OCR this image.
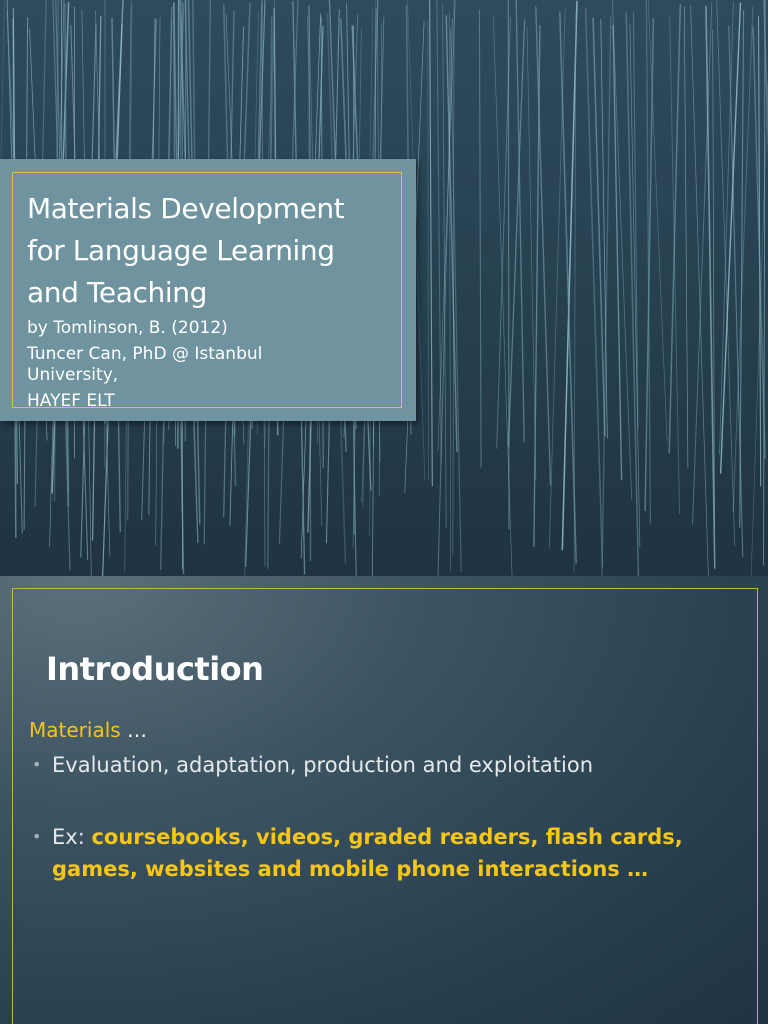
Materials Development
for Language Learning
and Teaching
by Tomlinson, B. (2012)
Tuncer Can, PhD @ Istanbul
University,
HAYEF ELT
Introduction
Materials …
• Evaluation, adaptation, production and exploitation
• Ex: coursebooks, videos, graded readers, flash cards,
games, websites and mobile phone interactions …
